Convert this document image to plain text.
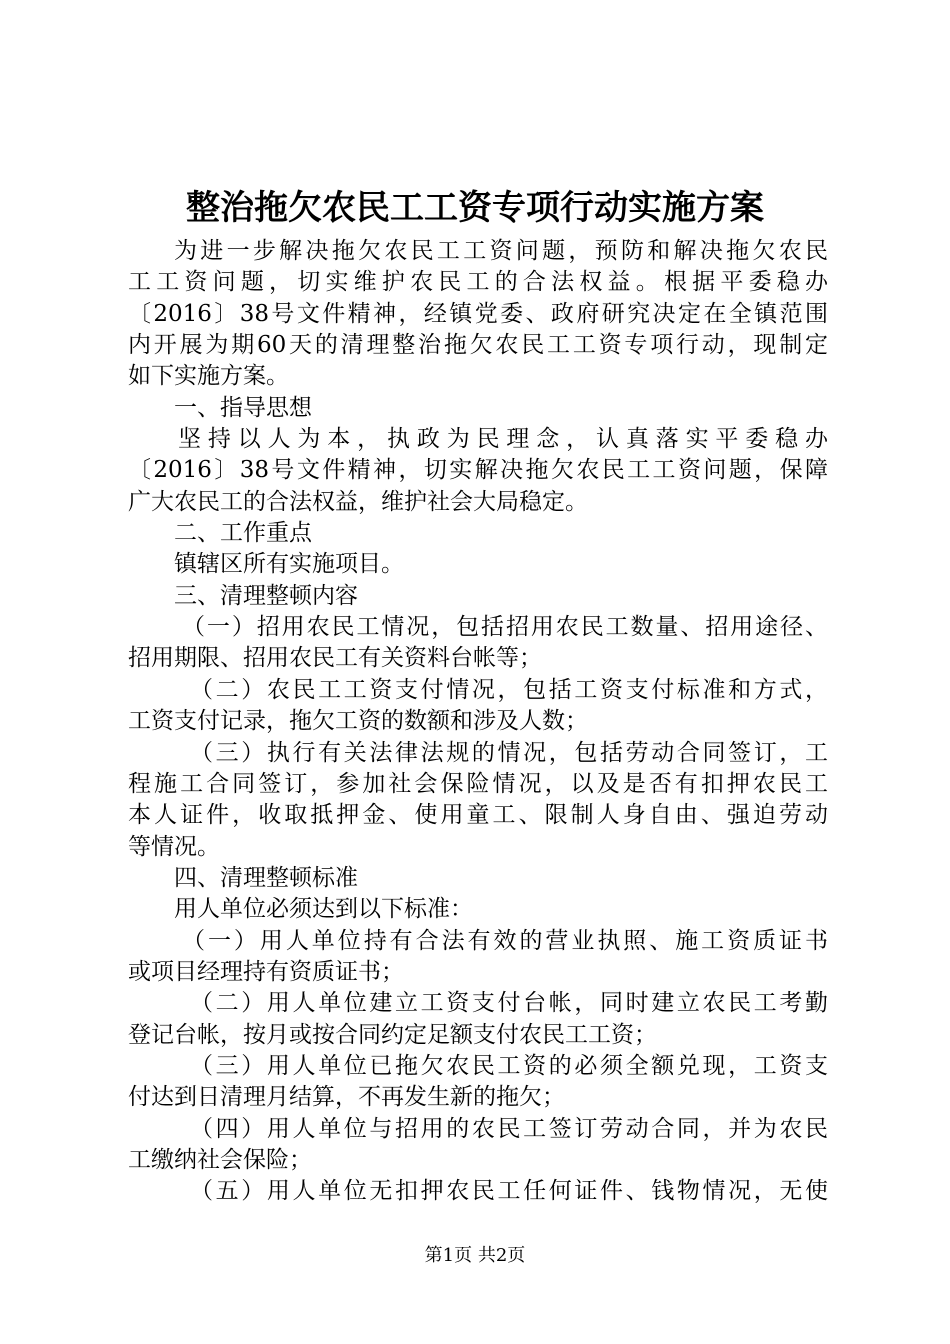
整治拖欠农民工工资专项行动实施方案
为进一步解决拖欠农民工工资问题，预防和解决拖欠农民
工工资问题，切实维护农民工的合法权益。根据平委稳办
〔2016〕38号文件精神，经镇党委、政府研究决定在全镇范围
内开展为期60天的清理整治拖欠农民工工资专项行动，现制定
如下实施方案。
一、指导思想
坚持以人为本，执政为民理念，认真落实平委稳办
〔2016〕38号文件精神，切实解决拖欠农民工工资问题，保障
广大农民工的合法权益，维护社会大局稳定。
二、工作重点
镇辖区所有实施项目。
三、清理整顿内容
（一）招用农民工情况，包括招用农民工数量、招用途径、
招用期限、招用农民工有关资料台帐等；
（二）农民工工资支付情况，包括工资支付标准和方式，
工资支付记录，拖欠工资的数额和涉及人数；
（三）执行有关法律法规的情况，包括劳动合同签订，工
程施工合同签订，参加社会保险情况，以及是否有扣押农民工
本人证件，收取抵押金、使用童工、限制人身自由、强迫劳动
等情况。
四、清理整顿标准
用人单位必须达到以下标准：
（一）用人单位持有合法有效的营业执照、施工资质证书
或项目经理持有资质证书；
（二）用人单位建立工资支付台帐，同时建立农民工考勤
登记台帐，按月或按合同约定足额支付农民工工资；
（三）用人单位已拖欠农民工资的必须全额兑现，工资支
付达到日清理月结算，不再发生新的拖欠；
（四）用人单位与招用的农民工签订劳动合同，并为农民
工缴纳社会保险；
（五）用人单位无扣押农民工任何证件、钱物情况，无使
第1页 共2页
